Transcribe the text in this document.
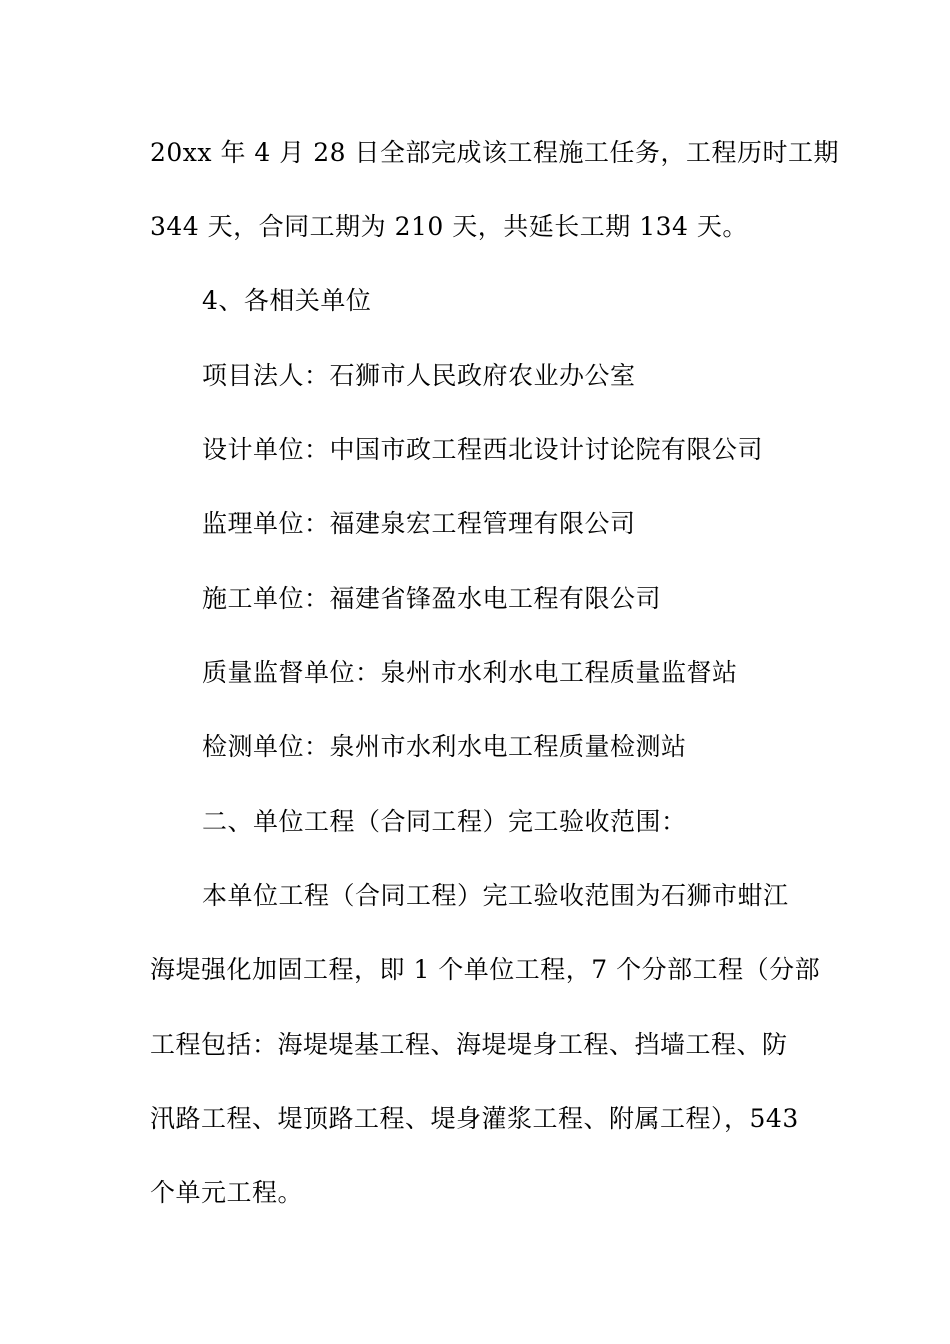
20xx 年 4 月 28 日全部完成该工程施工任务，工程历时工期
344 天，合同工期为 210 天，共延长工期 134 天。
4、各相关单位
项目法人：石狮市人民政府农业办公室
设计单位：中国市政工程西北设计讨论院有限公司
监理单位：福建泉宏工程管理有限公司
施工单位：福建省锋盈水电工程有限公司
质量监督单位：泉州市水利水电工程质量监督站
检测单位：泉州市水利水电工程质量检测站
二、单位工程（合同工程）完工验收范围：
本单位工程（合同工程）完工验收范围为石狮市蚶江
海堤强化加固工程，即 1 个单位工程，7 个分部工程（分部
工程包括：海堤堤基工程、海堤堤身工程、挡墙工程、防
汛路工程、堤顶路工程、堤身灌浆工程、附属工程），543
个单元工程。
